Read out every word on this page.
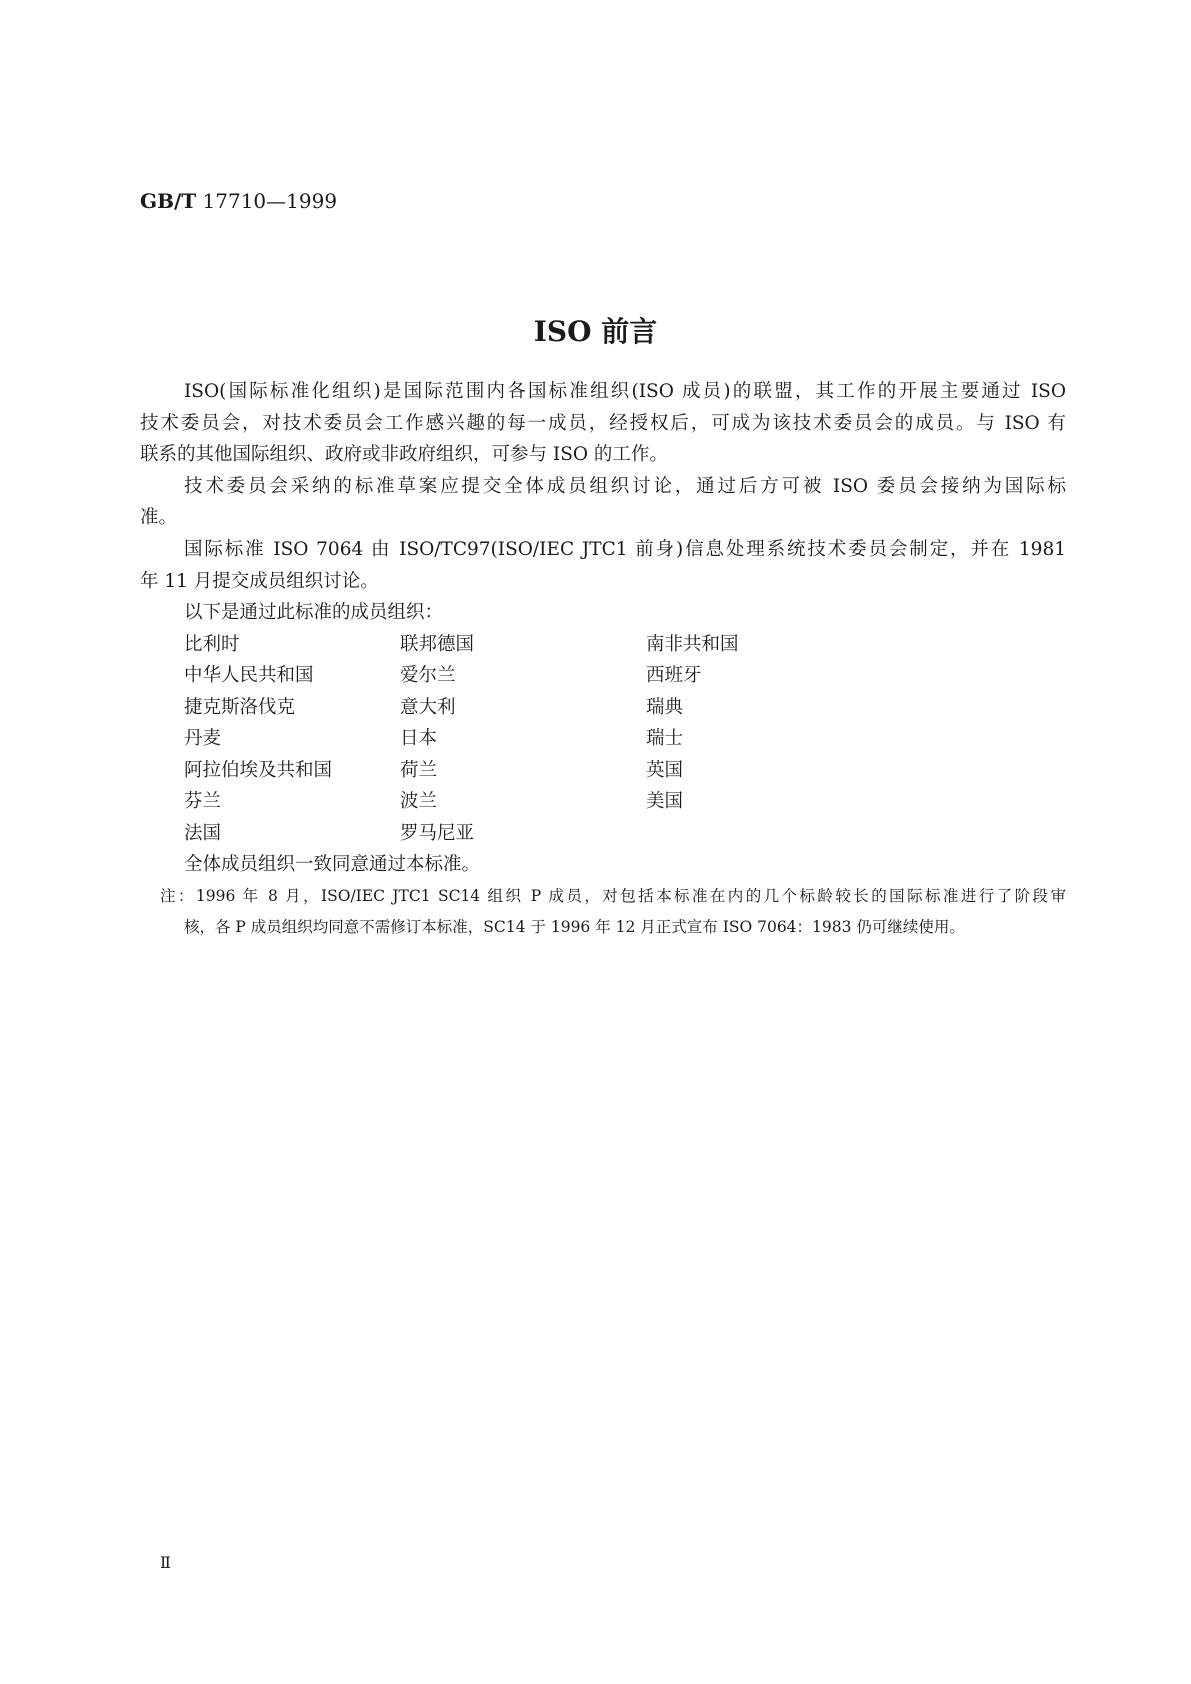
GB/T 17710—1999
ISO 前言
ISO(国际标准化组织)是国际范围内各国标准组织(ISO 成员)的联盟，其工作的开展主要通过 ISO
技术委员会，对技术委员会工作感兴趣的每一成员，经授权后，可成为该技术委员会的成员。与 ISO 有
联系的其他国际组织、政府或非政府组织，可参与 ISO 的工作。
技术委员会采纳的标准草案应提交全体成员组织讨论，通过后方可被 ISO 委员会接纳为国际标
准。
国际标准 ISO 7064 由 ISO/TC97(ISO/IEC JTC1 前身)信息处理系统技术委员会制定，并在 1981
年 11 月提交成员组织讨论。
以下是通过此标准的成员组织：
比利时
中华人民共和国
捷克斯洛伐克
丹麦
阿拉伯埃及共和国
芬兰
法国
联邦德国
爱尔兰
意大利
日本
荷兰
波兰
罗马尼亚
南非共和国
西班牙
瑞典
瑞士
英国
美国
全体成员组织一致同意通过本标准。
注：1996 年 8 月，ISO/IEC JTC1 SC14 组织 P 成员，对包括本标准在内的几个标龄较长的国际标准进行了阶段审
核，各 P 成员组织均同意不需修订本标准，SC14 于 1996 年 12 月正式宣布 ISO 7064：1983 仍可继续使用。
Ⅱ
